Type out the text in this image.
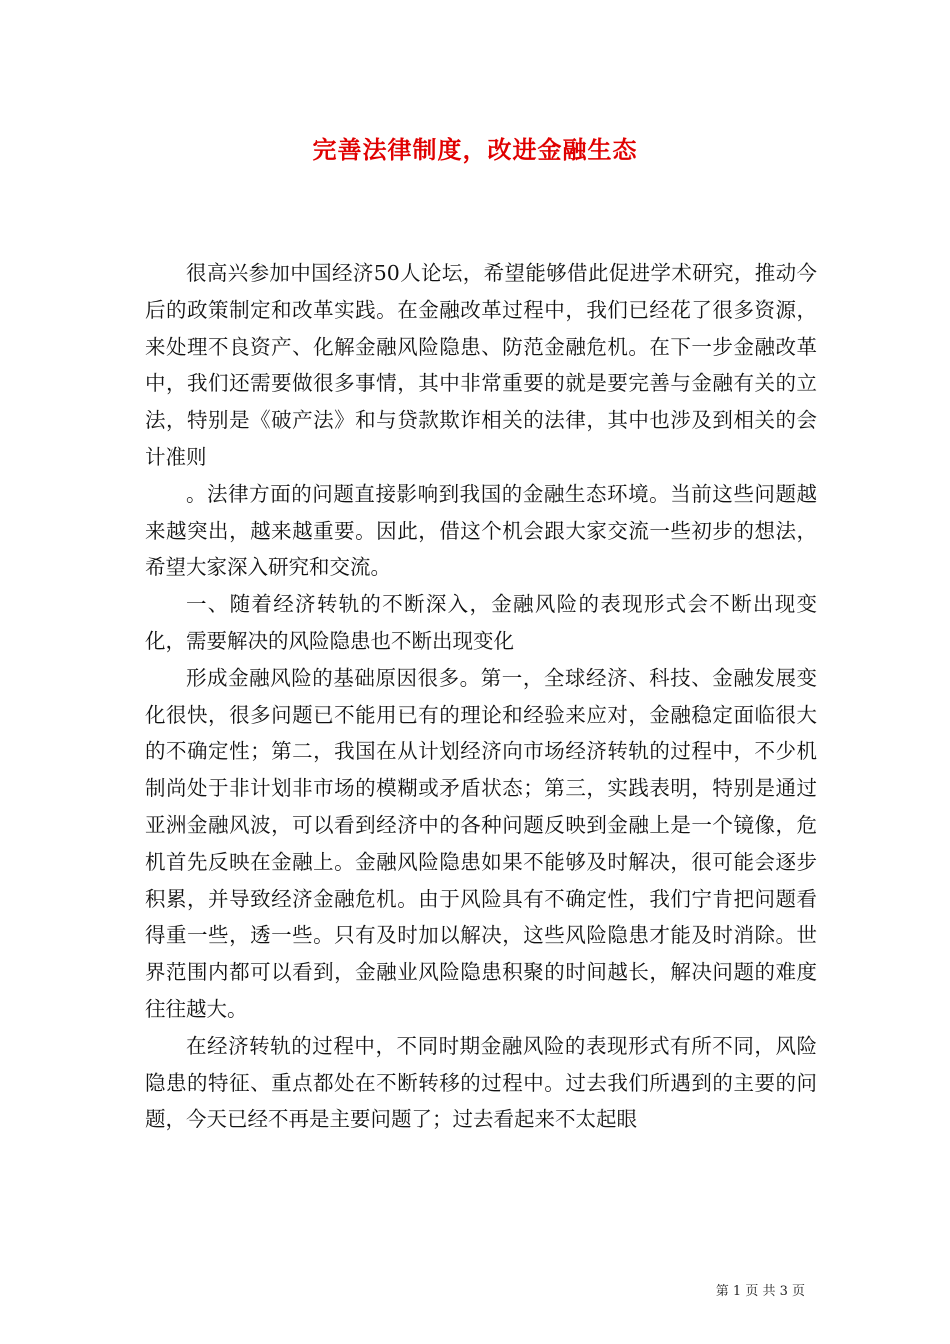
完善法律制度，改进金融生态

很高兴参加中国经济50人论坛，希望能够借此促进学术研究，推动今后的政策制定和改革实践。在金融改革过程中，我们已经花了很多资源，来处理不良资产、化解金融风险隐患、防范金融危机。在下一步金融改革中，我们还需要做很多事情，其中非常重要的就是要完善与金融有关的立法，特别是《破产法》和与贷款欺诈相关的法律，其中也涉及到相关的会计准则

。法律方面的问题直接影响到我国的金融生态环境。当前这些问题越来越突出，越来越重要。因此，借这个机会跟大家交流一些初步的想法，希望大家深入研究和交流。

一、随着经济转轨的不断深入，金融风险的表现形式会不断出现变化，需要解决的风险隐患也不断出现变化

形成金融风险的基础原因很多。第一，全球经济、科技、金融发展变化很快，很多问题已不能用已有的理论和经验来应对，金融稳定面临很大的不确定性；第二，我国在从计划经济向市场经济转轨的过程中，不少机制尚处于非计划非市场的模糊或矛盾状态；第三，实践表明，特别是通过亚洲金融风波，可以看到经济中的各种问题反映到金融上是一个镜像，危机首先反映在金融上。金融风险隐患如果不能够及时解决，很可能会逐步积累，并导致经济金融危机。由于风险具有不确定性，我们宁肯把问题看得重一些，透一些。只有及时加以解决，这些风险隐患才能及时消除。世界范围内都可以看到，金融业风险隐患积聚的时间越长，解决问题的难度往往越大。

在经济转轨的过程中，不同时期金融风险的表现形式有所不同，风险隐患的特征、重点都处在不断转移的过程中。过去我们所遇到的主要的问题，今天已经不再是主要问题了；过去看起来不太起眼

第 1 页 共 3 页
